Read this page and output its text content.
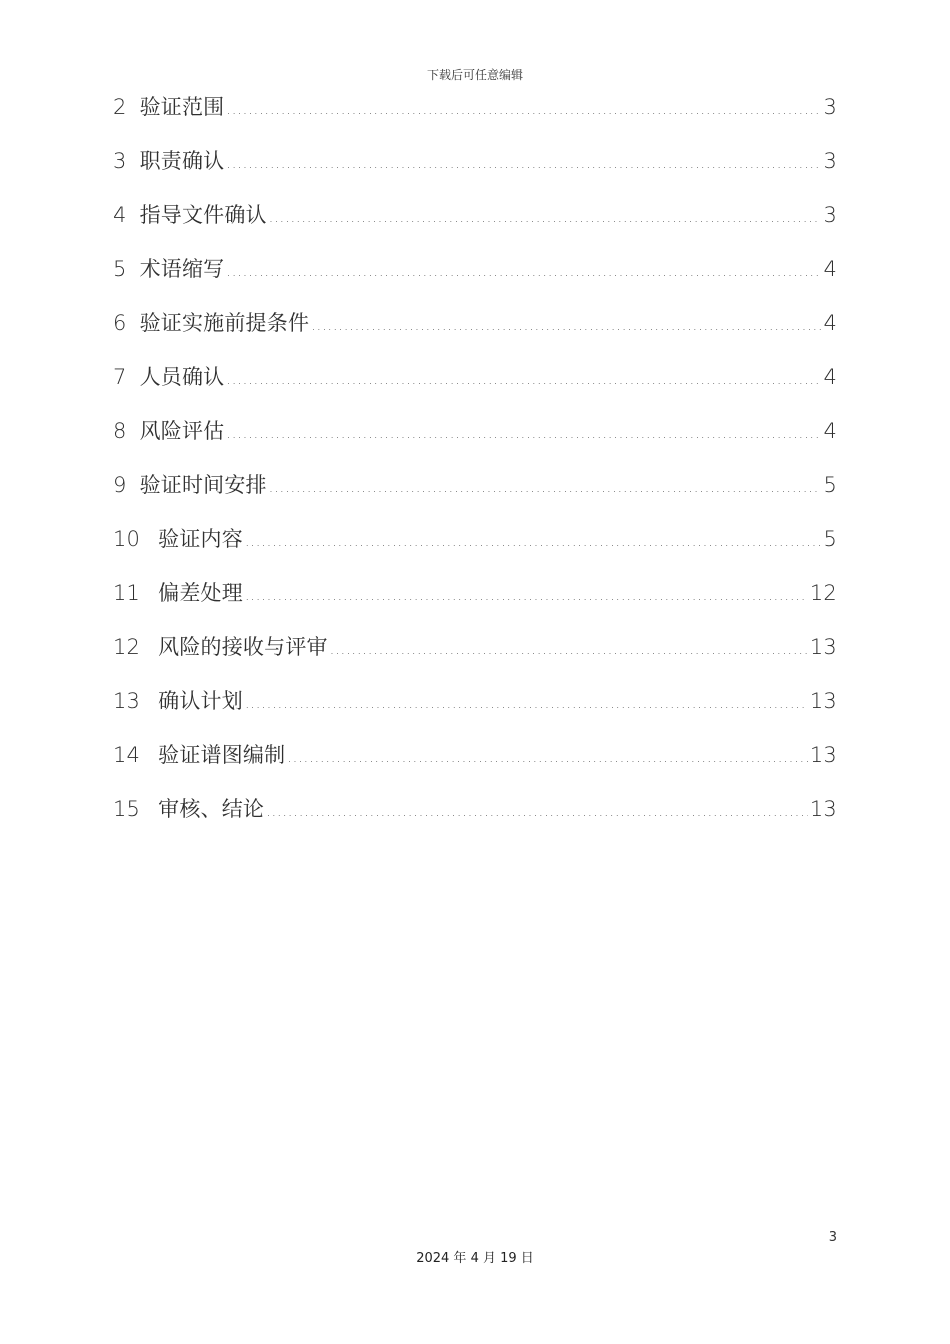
下载后可任意编辑
2 验证范围 .....	3
3 职责确认 .....	3
4 指导文件确认 .....	3
5 术语缩写 .....	4
6 验证实施前提条件 .....	4
7 人员确认 .....	4
8 风险评估 .....	4
9 验证时间安排 .....	5
10 验证内容 .....	5
11 偏差处理 .....	12
12 风险的接收与评审 .....	13
13 确认计划 .....	13
14 验证谱图编制 .....	13
15 审核、结论 .....	13
3
2024 年 4 月 19 日
